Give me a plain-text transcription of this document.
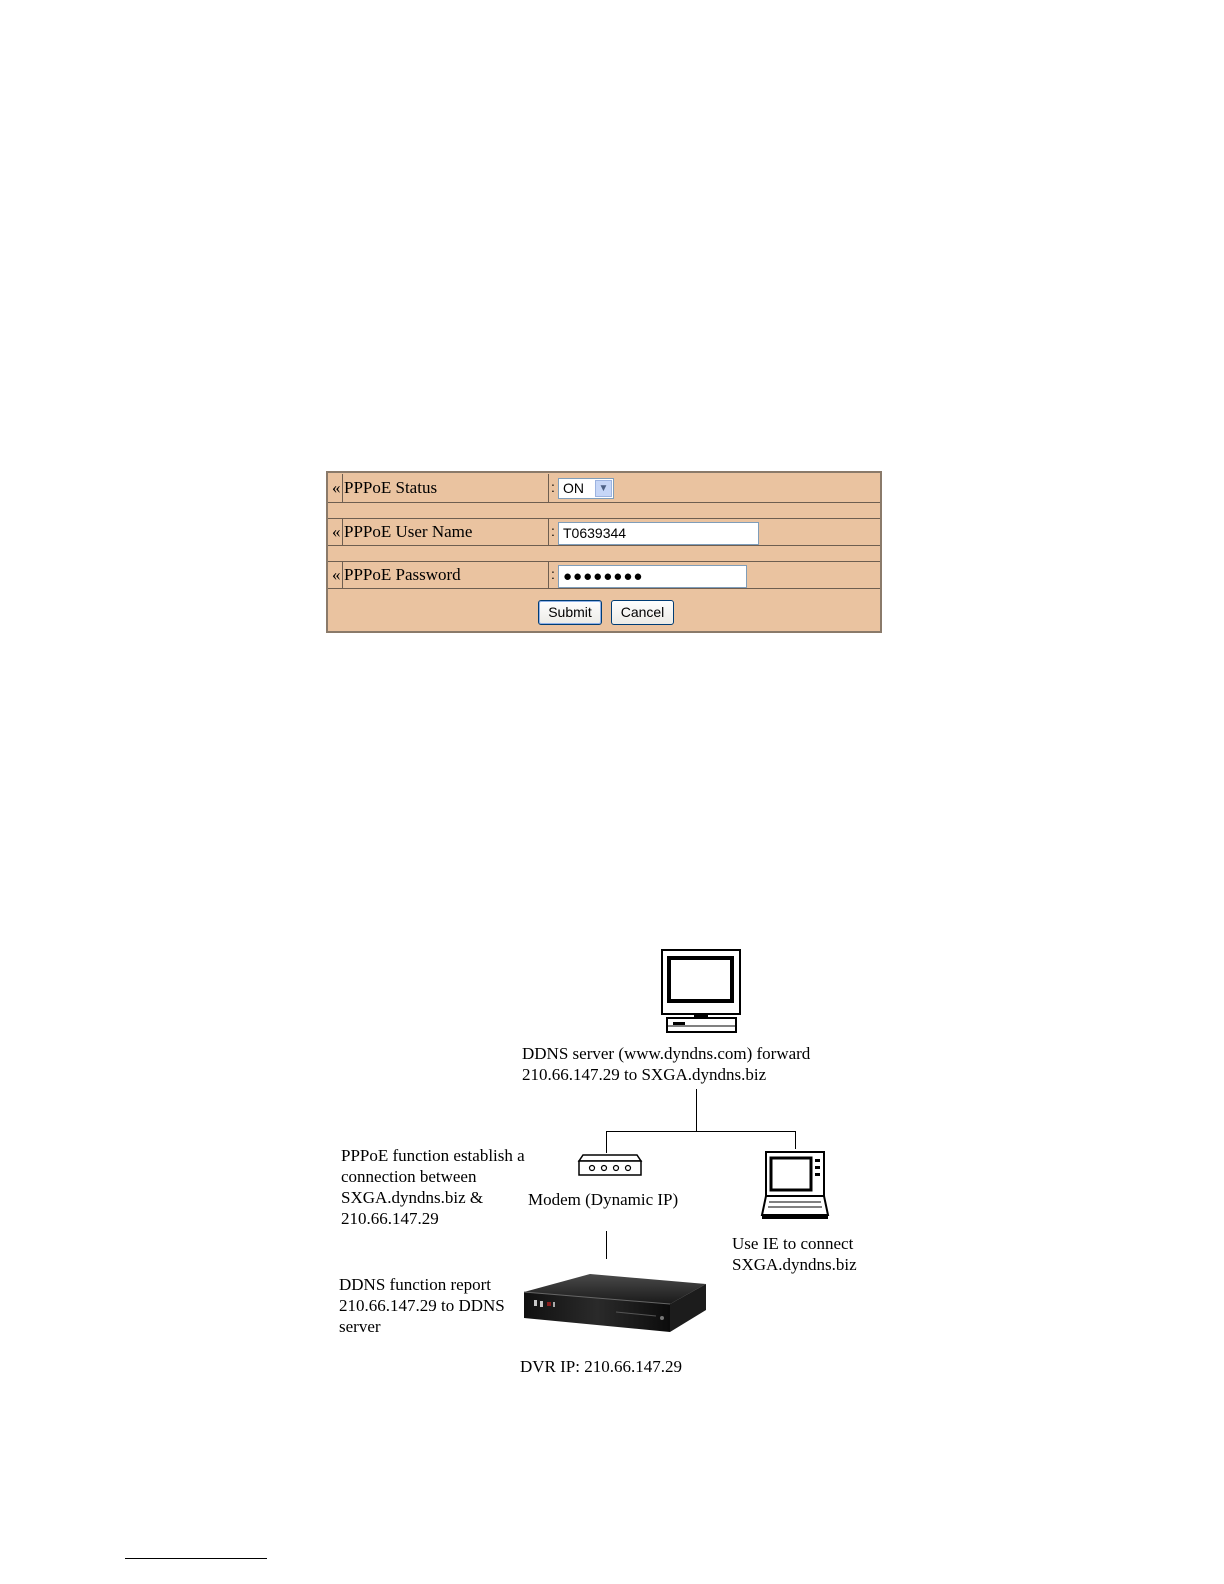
« PPPoE Status	: ON	▼
« PPPoE User Name	: T0639344
« PPPoE Password	: ●●●●●●●●
Submit	Cancel
DDNS server (www.dyndns.com) forward
210.66.147.29 to SXGA.dyndns.biz
Modem (Dynamic IP)
Use IE to connect
SXGA.dyndns.biz
PPPoE function establish a
connection between
SXGA.dyndns.biz &
210.66.147.29
DDNS function report
210.66.147.29 to DDNS
server
DVR IP: 210.66.147.29
